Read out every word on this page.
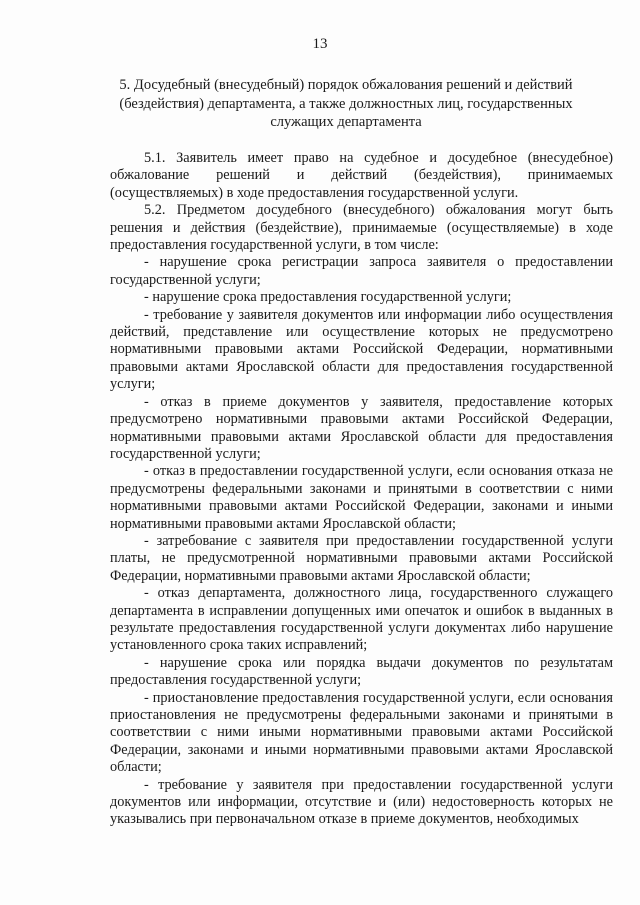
13
5. Досудебный (внесудебный) порядок обжалования решений и действий (бездействия) департамента, а также должностных лиц, государственных служащих департамента

5.1. Заявитель имеет право на судебное и досудебное (внесудебное) обжалование решений и действий (бездействия), принимаемых (осуществляемых) в ходе предоставления государственной услуги.

5.2. Предметом досудебного (внесудебного) обжалования могут быть решения и действия (бездействие), принимаемые (осуществляемые) в ходе предоставления государственной услуги, в том числе:

- нарушение срока регистрации запроса заявителя о предоставлении государственной услуги;

- нарушение срока предоставления государственной услуги;

- требование у заявителя документов или информации либо осуществления действий, представление или осуществление которых не предусмотрено нормативными правовыми актами Российской Федерации, нормативными правовыми актами Ярославской области для предоставления государственной услуги;

- отказ в приеме документов у заявителя, предоставление которых предусмотрено нормативными правовыми актами Российской Федерации, нормативными правовыми актами Ярославской области для предоставления государственной услуги;

- отказ в предоставлении государственной услуги, если основания отказа не предусмотрены федеральными законами и принятыми в соответствии с ними нормативными правовыми актами Российской Федерации, законами и иными нормативными правовыми актами Ярославской области;

- затребование с заявителя при предоставлении государственной услуги платы, не предусмотренной нормативными правовыми актами Российской Федерации, нормативными правовыми актами Ярославской области;

- отказ департамента, должностного лица, государственного служащего департамента в исправлении допущенных ими опечаток и ошибок в выданных в результате предоставления государственной услуги документах либо нарушение установленного срока таких исправлений;

- нарушение срока или порядка выдачи документов по результатам предоставления государственной услуги;

- приостановление предоставления государственной услуги, если основания приостановления не предусмотрены федеральными законами и принятыми в соответствии с ними иными нормативными правовыми актами Российской Федерации, законами и иными нормативными правовыми актами Ярославской области;

- требование у заявителя при предоставлении государственной услуги документов или информации, отсутствие и (или) недостоверность которых не указывались при первоначальном отказе в приеме документов, необходимых
